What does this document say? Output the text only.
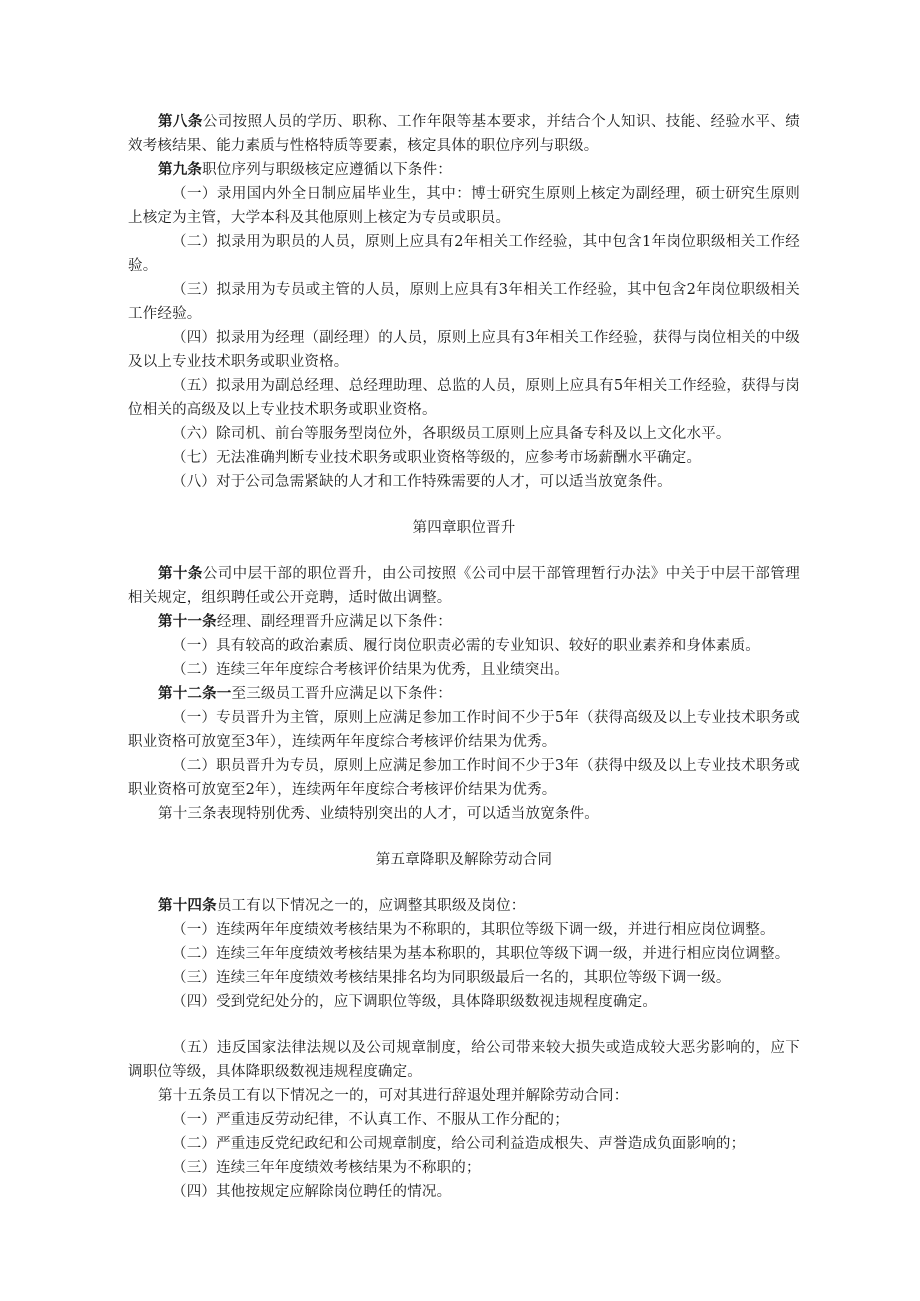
第八条公司按照人员的学历、职称、工作年限等基本要求，并结合个人知识、技能、经验水平、绩效考核结果、能力素质与性格特质等要素，核定具体的职位序列与职级。

第九条职位序列与职级核定应遵循以下条件：

（一）录用国内外全日制应届毕业生，其中：博士研究生原则上核定为副经理，硕士研究生原则上核定为主管，大学本科及其他原则上核定为专员或职员。

（二）拟录用为职员的人员，原则上应具有2年相关工作经验，其中包含1年岗位职级相关工作经验。

（三）拟录用为专员或主管的人员，原则上应具有3年相关工作经验，其中包含2年岗位职级相关工作经验。

（四）拟录用为经理（副经理）的人员，原则上应具有3年相关工作经验，获得与岗位相关的中级及以上专业技术职务或职业资格。

（五）拟录用为副总经理、总经理助理、总监的人员，原则上应具有5年相关工作经验，获得与岗位相关的高级及以上专业技术职务或职业资格。

（六）除司机、前台等服务型岗位外，各职级员工原则上应具备专科及以上文化水平。

（七）无法准确判断专业技术职务或职业资格等级的，应参考市场薪酬水平确定。

（八）对于公司急需紧缺的人才和工作特殊需要的人才，可以适当放宽条件。

第四章职位晋升

第十条公司中层干部的职位晋升，由公司按照《公司中层干部管理暂行办法》中关于中层干部管理相关规定，组织聘任或公开竞聘，适时做出调整。

第十一条经理、副经理晋升应满足以下条件：

（一）具有较高的政治素质、履行岗位职责必需的专业知识、较好的职业素养和身体素质。

（二）连续三年年度综合考核评价结果为优秀，且业绩突出。

第十二条一至三级员工晋升应满足以下条件：

（一）专员晋升为主管，原则上应满足参加工作时间不少于5年（获得高级及以上专业技术职务或职业资格可放宽至3年），连续两年年度综合考核评价结果为优秀。

（二）职员晋升为专员，原则上应满足参加工作时间不少于3年（获得中级及以上专业技术职务或职业资格可放宽至2年），连续两年年度综合考核评价结果为优秀。

第十三条表现特别优秀、业绩特别突出的人才，可以适当放宽条件。

第五章降职及解除劳动合同

第十四条员工有以下情况之一的，应调整其职级及岗位：

（一）连续两年年度绩效考核结果为不称职的，其职位等级下调一级，并进行相应岗位调整。

（二）连续三年年度绩效考核结果为基本称职的，其职位等级下调一级，并进行相应岗位调整。

（三）连续三年年度绩效考核结果排名均为同职级最后一名的，其职位等级下调一级。

（四）受到党纪处分的，应下调职位等级，具体降职级数视违规程度确定。

（五）违反国家法律法规以及公司规章制度，给公司带来较大损失或造成较大恶劣影响的，应下调职位等级，具体降职级数视违规程度确定。

第十五条员工有以下情况之一的，可对其进行辞退处理并解除劳动合同：

（一）严重违反劳动纪律，不认真工作、不服从工作分配的；

（二）严重违反党纪政纪和公司规章制度，给公司利益造成根失、声誉造成负面影响的；

（三）连续三年年度绩效考核结果为不称职的；

（四）其他按规定应解除岗位聘任的情况。
